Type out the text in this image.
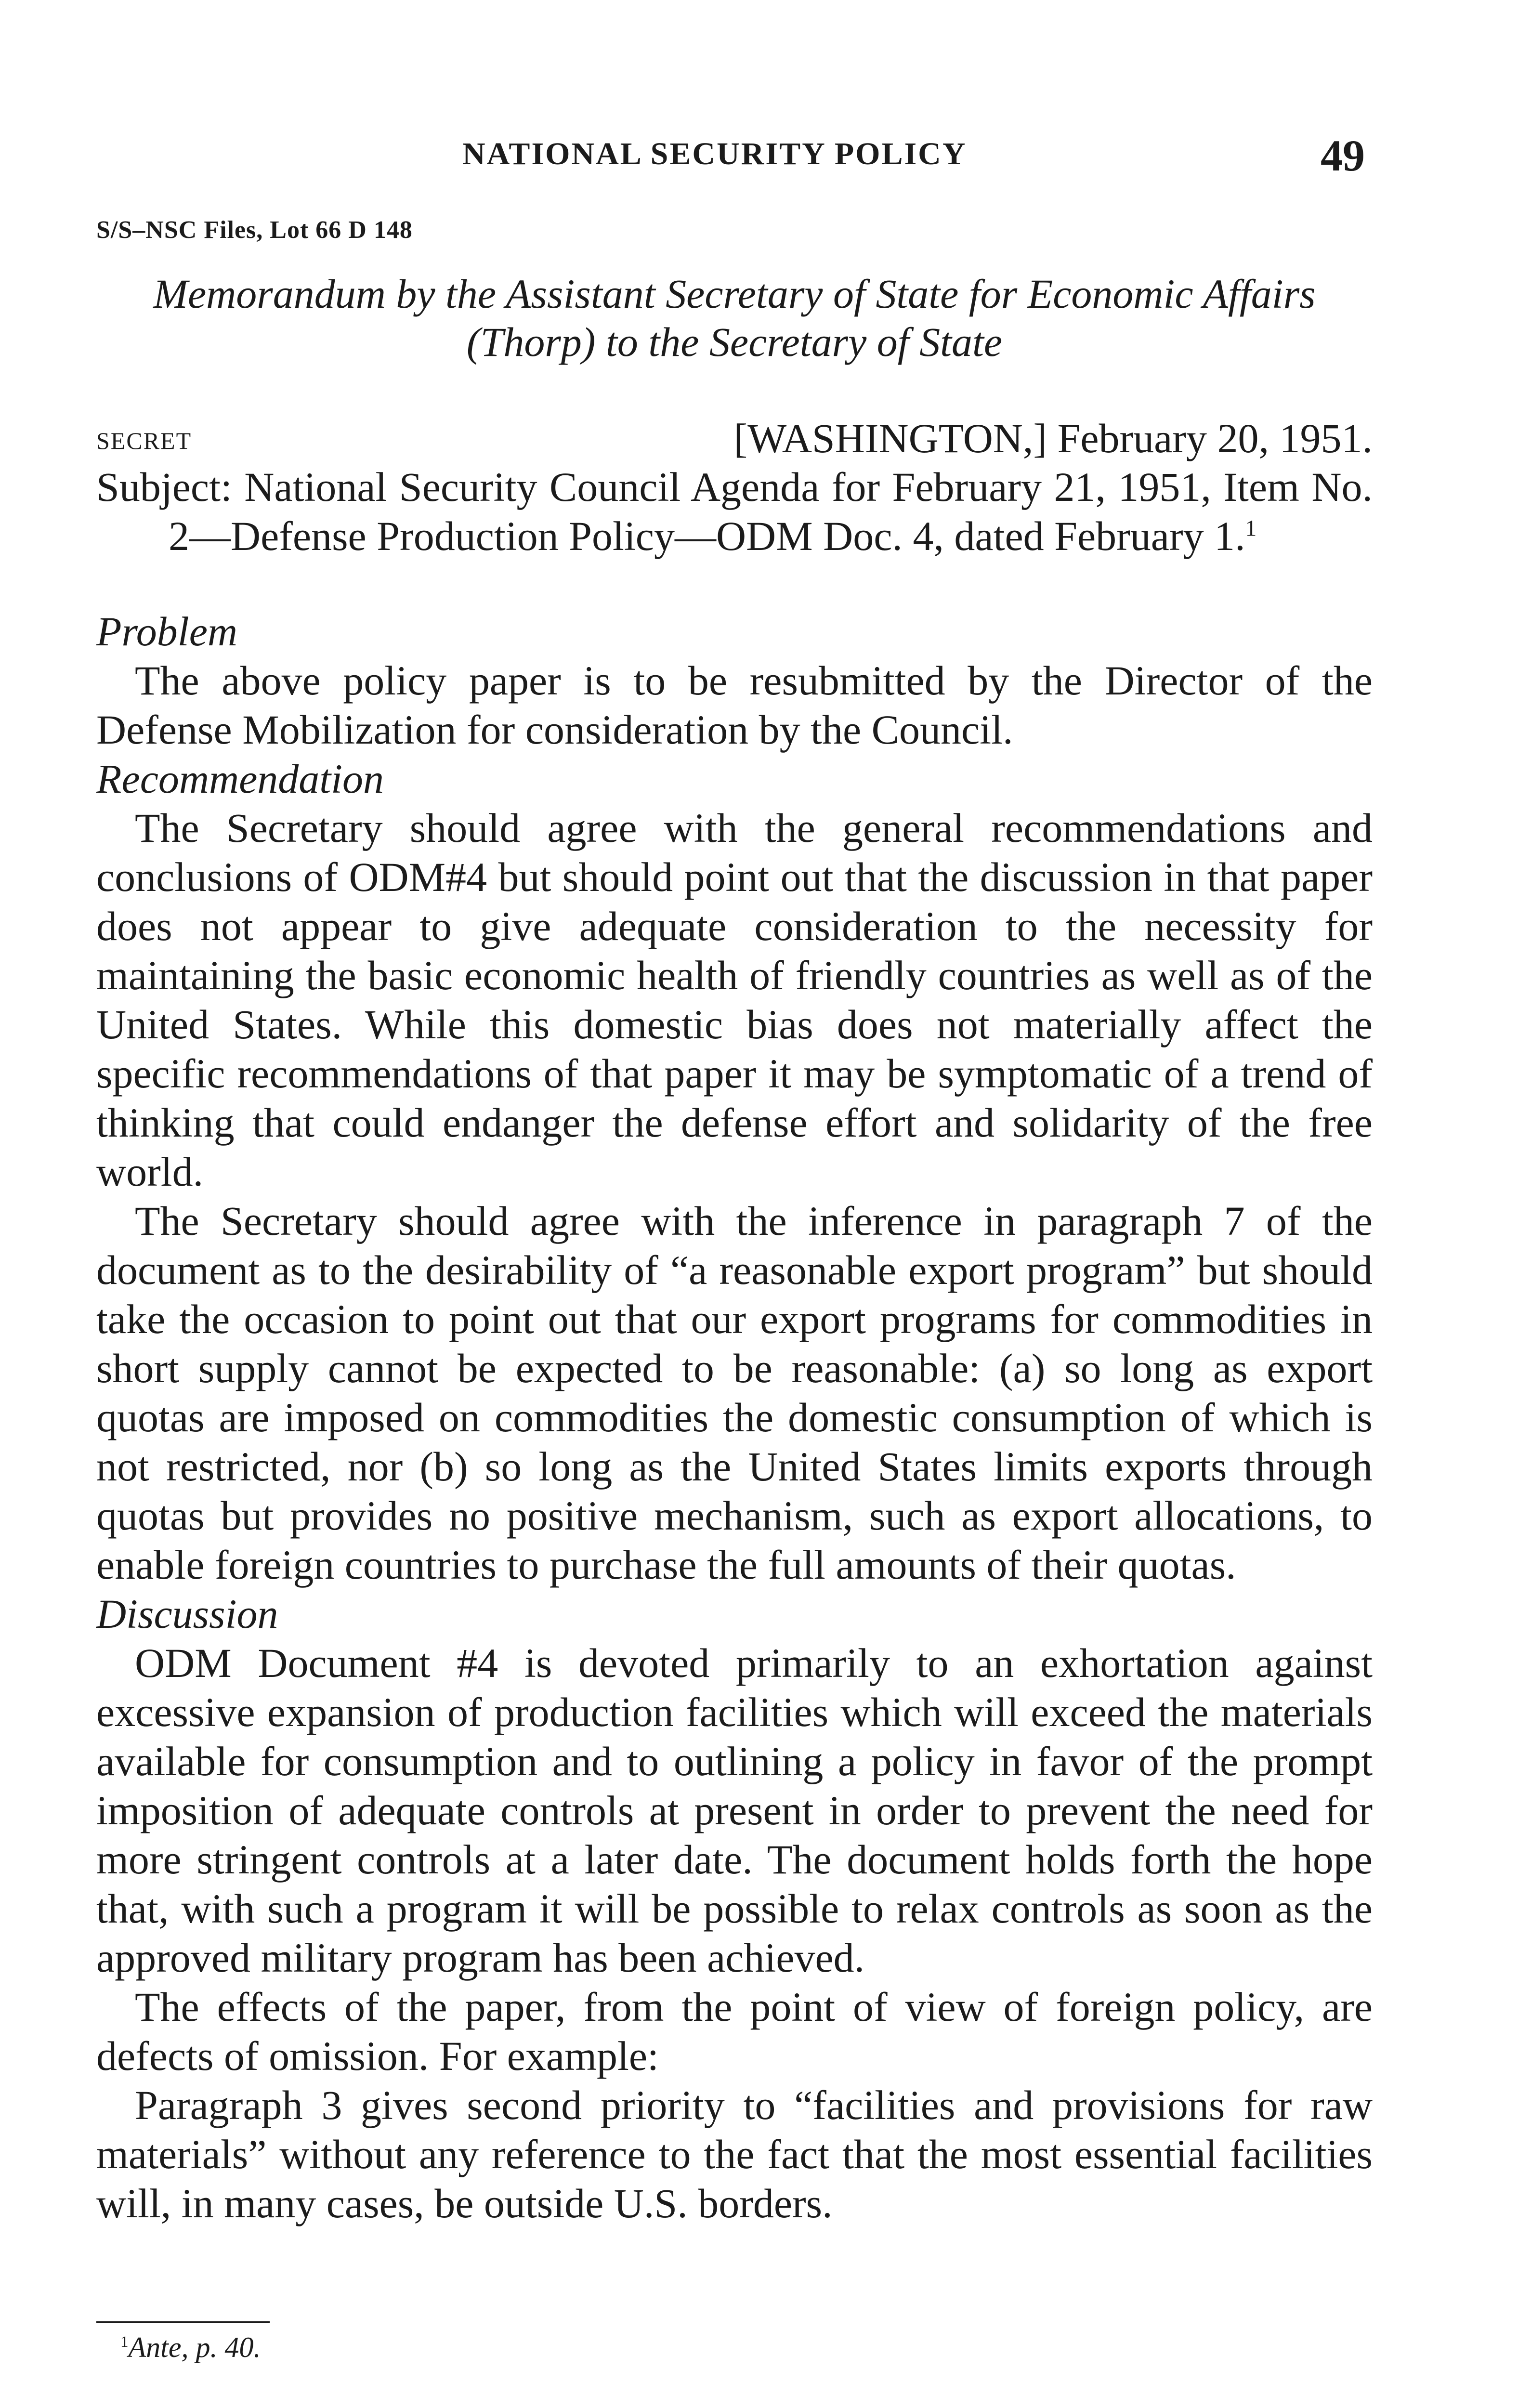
NATIONAL SECURITY POLICY	49
S/S–NSC Files, Lot 66 D 148
Memorandum by the Assistant Secretary of State for Economic Affairs (Thorp) to the Secretary of State
SECRET	[WASHINGTON,] February 20, 1951.
Subject: National Security Council Agenda for February 21, 1951, Item No. 2—Defense Production Policy—ODM Doc. 4, dated February 1.$^1$
Problem

The above policy paper is to be resubmitted by the Director of the Defense Mobilization for consideration by the Council.

Recommendation

The Secretary should agree with the general recommendations and conclusions of ODM#4 but should point out that the discussion in that paper does not appear to give adequate consideration to the necessity for maintaining the basic economic health of friendly countries as well as of the United States. While this domestic bias does not materially affect the specific recommendations of that paper it may be symptomatic of a trend of thinking that could endanger the defense effort and solidarity of the free world.

The Secretary should agree with the inference in paragraph 7 of the document as to the desirability of “a reasonable export program” but should take the occasion to point out that our export programs for commodities in short supply cannot be expected to be reasonable: (a) so long as export quotas are imposed on commodities the domestic consumption of which is not restricted, nor (b) so long as the United States limits exports through quotas but provides no positive mechanism, such as export allocations, to enable foreign countries to purchase the full amounts of their quotas.

Discussion

ODM Document #4 is devoted primarily to an exhortation against excessive expansion of production facilities which will exceed the materials available for consumption and to outlining a policy in favor of the prompt imposition of adequate controls at present in order to prevent the need for more stringent controls at a later date. The document holds forth the hope that, with such a program it will be possible to relax controls as soon as the approved military program has been achieved.

The effects of the paper, from the point of view of foreign policy, are defects of omission. For example:

Paragraph 3 gives second priority to “facilities and provisions for raw materials” without any reference to the fact that the most essential facilities will, in many cases, be outside U.S. borders.

$^1$Ante, p. 40.
